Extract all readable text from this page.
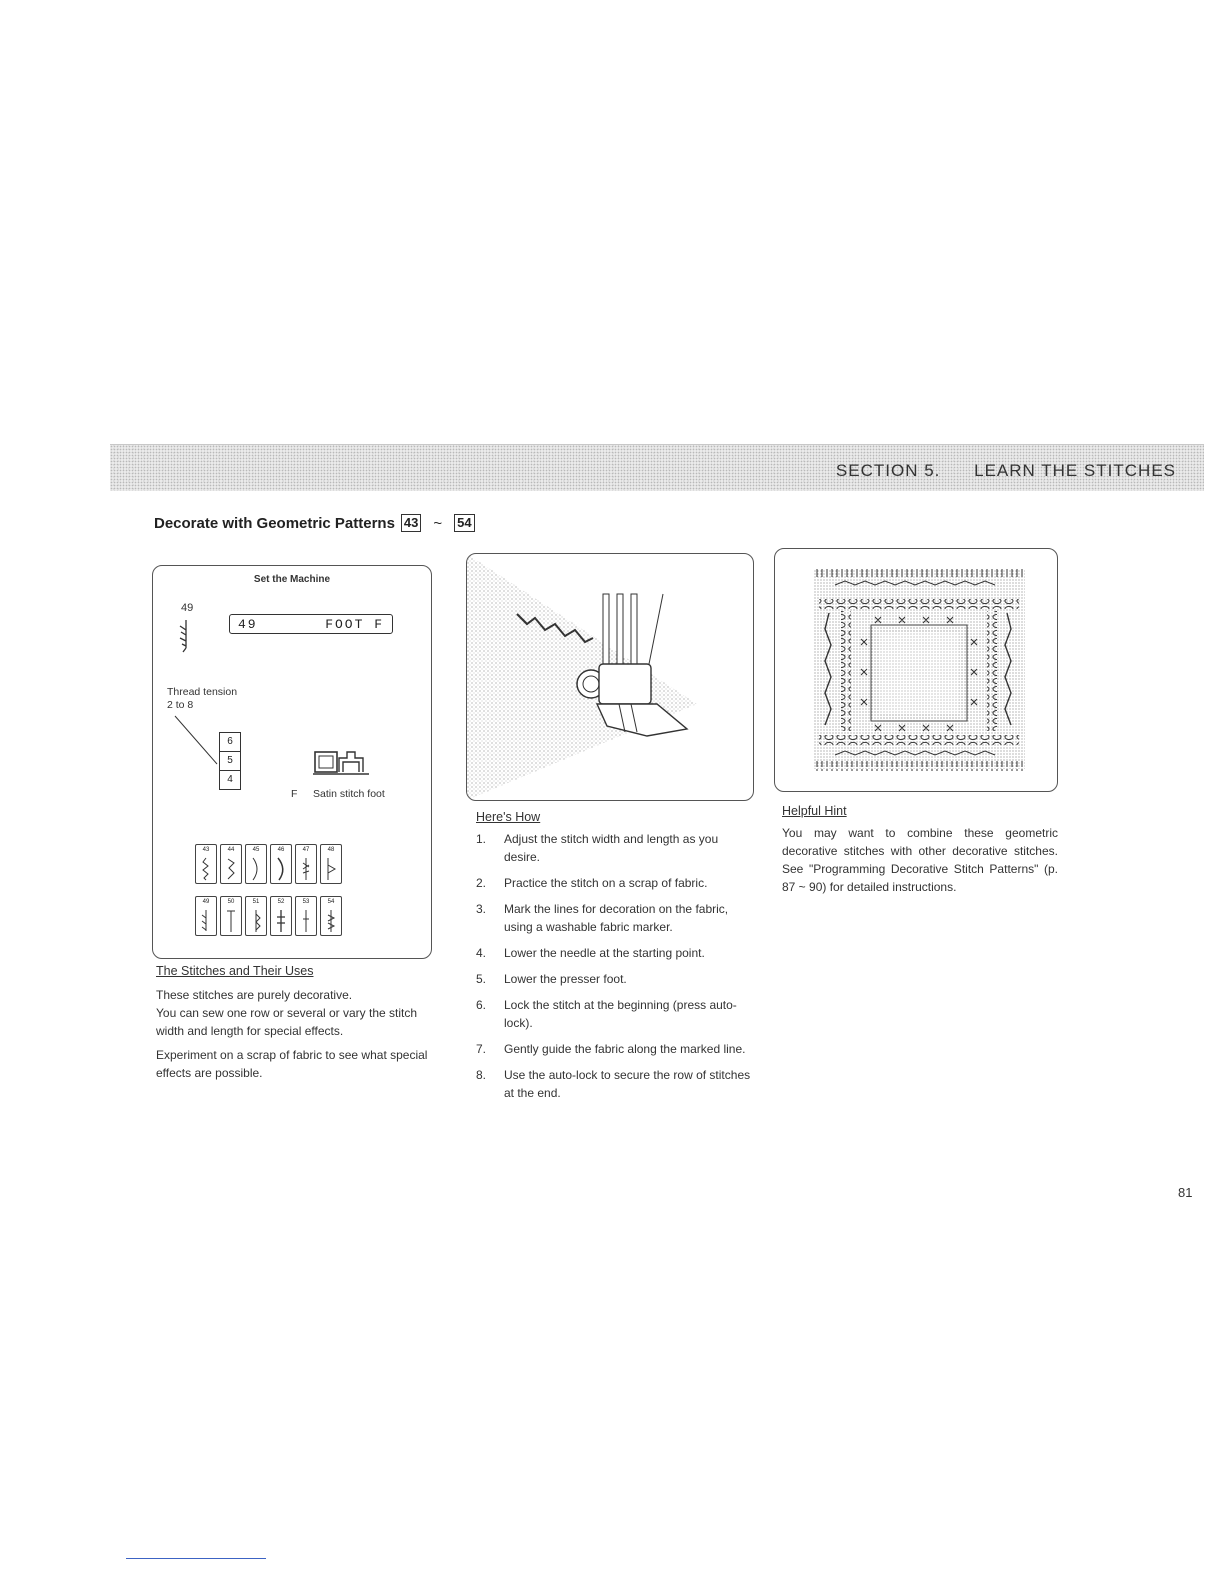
SECTION 5. LEARN THE STITCHES
Decorate with Geometric Patterns 43 ~ 54
Set the Machine
49
49	FOOT F
Thread tension
2 to 8
6
5
4
F Satin stitch foot
43	44	45	46	47	48
49	50	51	52	53	54
The Stitches and Their Uses
These stitches are purely decorative.
You can sew one row or several or vary the stitch width and length for special effects.
Experiment on a scrap of fabric to see what special effects are possible.
Here's How
1.	Adjust the stitch width and length as you desire.
2.	Practice the stitch on a scrap of fabric.
3.	Mark the lines for decoration on the fabric, using a washable fabric marker.
4.	Lower the needle at the starting point.
5.	Lower the presser foot.
6.	Lock the stitch at the beginning (press auto-lock).
7.	Gently guide the fabric along the marked line.
8.	Use the auto-lock to secure the row of stitches at the end.
Helpful Hint
You may want to combine these geometric decorative stitches with other decorative stitches. See "Programming Decorative Stitch Patterns" (p. 87 ~ 90) for detailed instructions.
81
